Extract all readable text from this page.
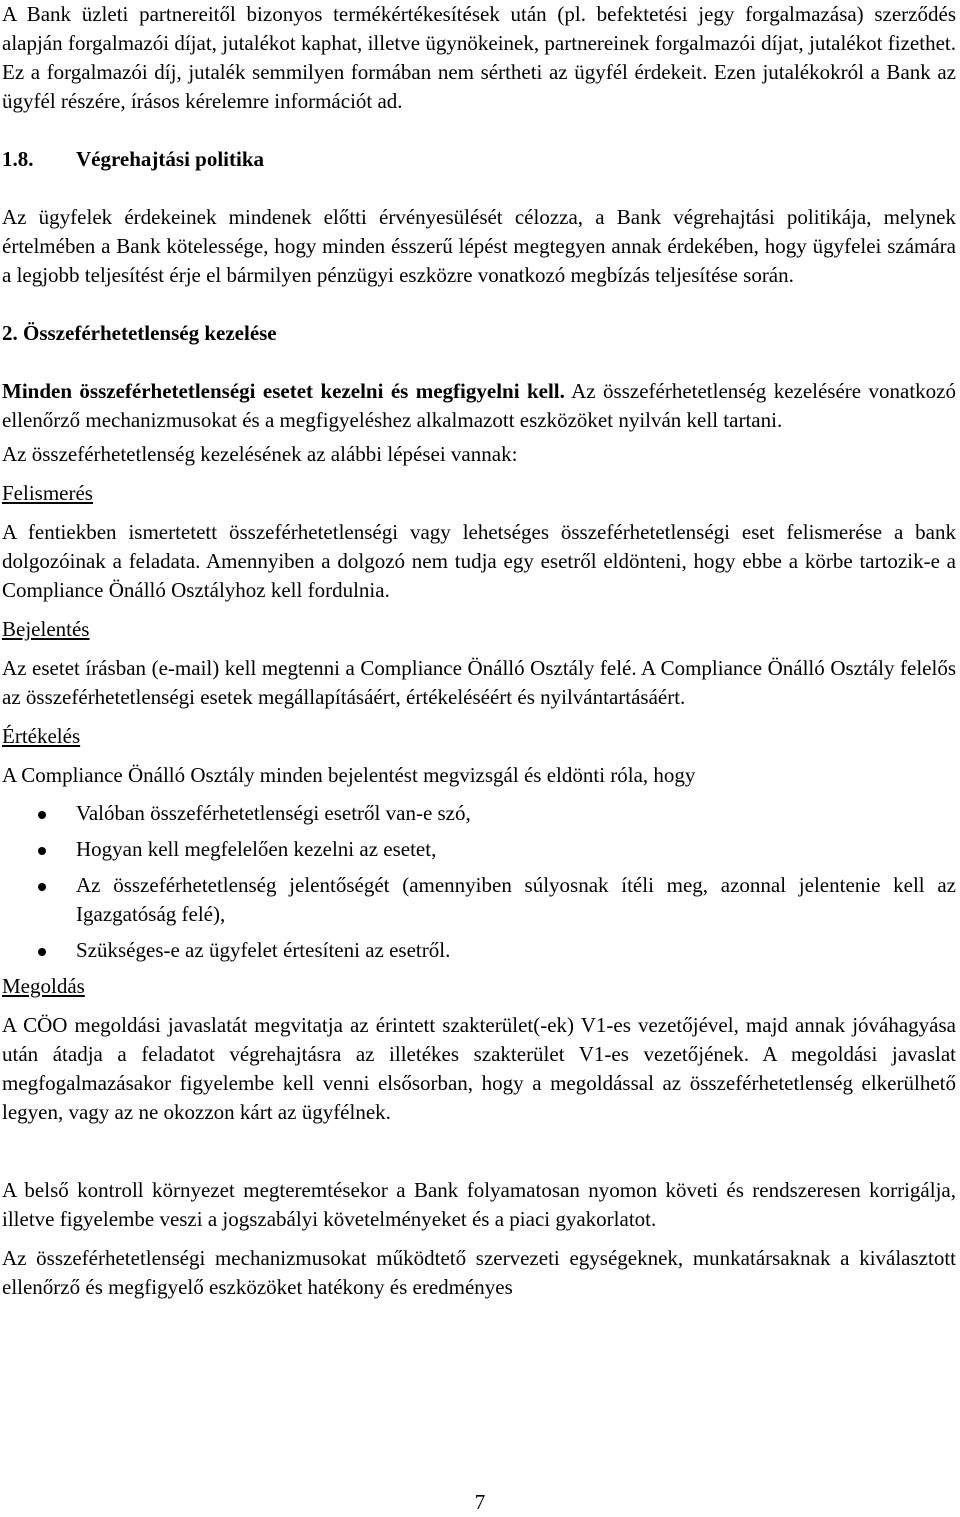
A Bank üzleti partnereitől bizonyos termékértékesítések után (pl. befektetési jegy forgalmazása) szerződés alapján forgalmazói díjat, jutalékot kaphat, illetve ügynökeinek, partnereinek forgalmazói díjat, jutalékot fizethet. Ez a forgalmazói díj, jutalék semmilyen formában nem sértheti az ügyfél érdekeit. Ezen jutalékokról a Bank az ügyfél részére, írásos kérelemre információt ad.

1.8. Végrehajtási politika

Az ügyfelek érdekeinek mindenek előtti érvényesülését célozza, a Bank végrehajtási politikája, melynek értelmében a Bank kötelessége, hogy minden ésszerű lépést megtegyen annak érdekében, hogy ügyfelei számára a legjobb teljesítést érje el bármilyen pénzügyi eszközre vonatkozó megbízás teljesítése során.

2. Összeférhetetlenség kezelése

Minden összeférhetetlenségi esetet kezelni és megfigyelni kell. Az összeférhetetlenség kezelésére vonatkozó ellenőrző mechanizmusokat és a megfigyeléshez alkalmazott eszközöket nyilván kell tartani.

Az összeférhetetlenség kezelésének az alábbi lépései vannak:

Felismerés

A fentiekben ismertetett összeférhetetlenségi vagy lehetséges összeférhetetlenségi eset felismerése a bank dolgozóinak a feladata. Amennyiben a dolgozó nem tudja egy esetről eldönteni, hogy ebbe a körbe tartozik-e a Compliance Önálló Osztályhoz kell fordulnia.

Bejelentés

Az esetet írásban (e-mail) kell megtenni a Compliance Önálló Osztály felé. A Compliance Önálló Osztály felelős az összeférhetetlenségi esetek megállapításáért, értékeléséért és nyilvántartásáért.

Értékelés

A Compliance Önálló Osztály minden bejelentést megvizsgál és eldönti róla, hogy

Valóban összeférhetetlenségi esetről van-e szó,
Hogyan kell megfelelően kezelni az esetet,
Az összeférhetetlenség jelentőségét (amennyiben súlyosnak ítéli meg, azonnal jelentenie kell az Igazgatóság felé),
Szükséges-e az ügyfelet értesíteni az esetről.

Megoldás

A CÖO megoldási javaslatát megvitatja az érintett szakterület(-ek) V1-es vezetőjével, majd annak jóváhagyása után átadja a feladatot végrehajtásra az illetékes szakterület V1-es vezetőjének. A megoldási javaslat megfogalmazásakor figyelembe kell venni elsősorban, hogy a megoldással az összeférhetetlenség elkerülhető legyen, vagy az ne okozzon kárt az ügyfélnek.

A belső kontroll környezet megteremtésekor a Bank folyamatosan nyomon követi és rendszeresen korrigálja, illetve figyelembe veszi a jogszabályi követelményeket és a piaci gyakorlatot.

Az összeférhetetlenségi mechanizmusokat működtető szervezeti egységeknek, munkatársaknak a kiválasztott ellenőrző és megfigyelő eszközöket hatékony és eredményes

7
